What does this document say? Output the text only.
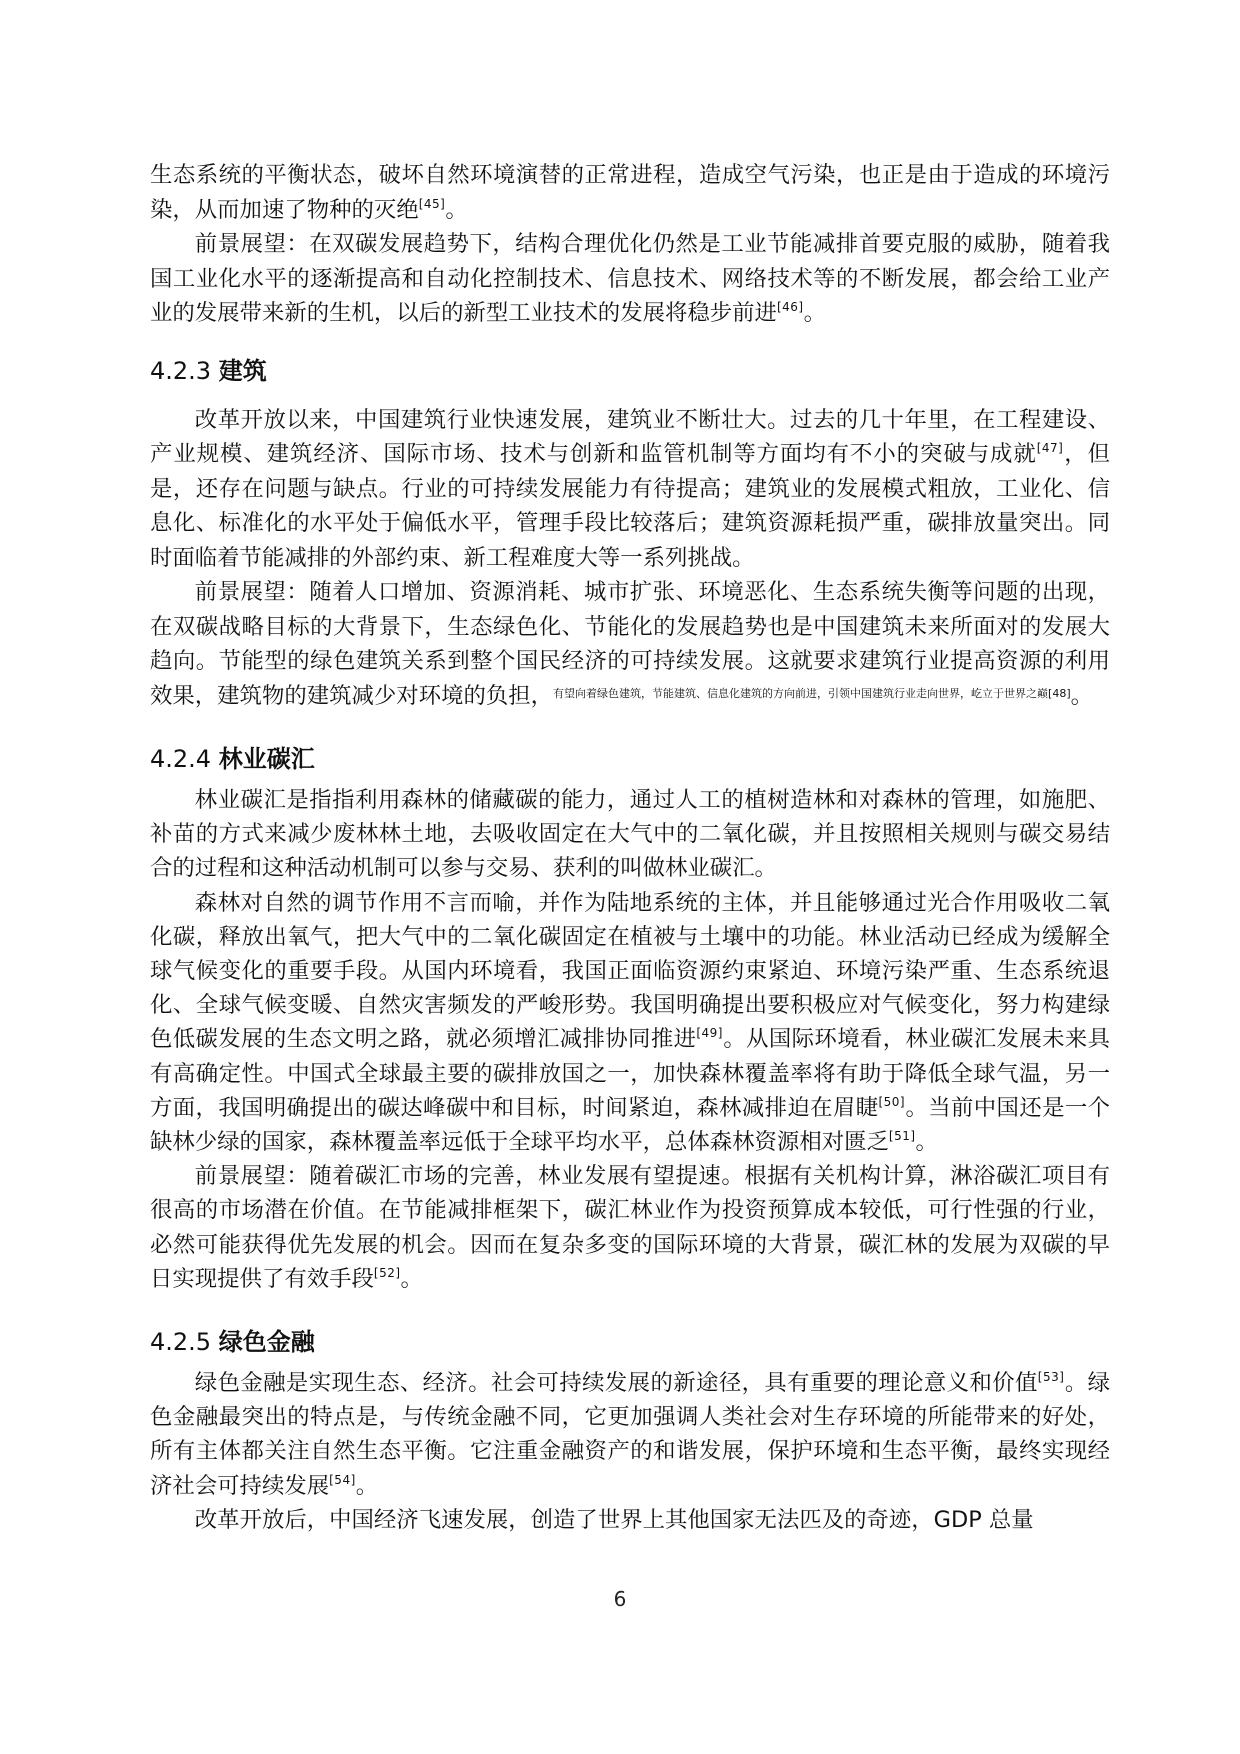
生态系统的平衡状态，破坏自然环境演替的正常进程，造成空气污染，也正是由于造成的环境污染，从而加速了物种的灭绝[45]。

前景展望：在双碳发展趋势下，结构合理优化仍然是工业节能减排首要克服的威胁，随着我国工业化水平的逐渐提高和自动化控制技术、信息技术、网络技术等的不断发展，都会给工业产业的发展带来新的生机，以后的新型工业技术的发展将稳步前进[46]。

4.2.3 建筑

改革开放以来，中国建筑行业快速发展，建筑业不断壮大。过去的几十年里，在工程建设、产业规模、建筑经济、国际市场、技术与创新和监管机制等方面均有不小的突破与成就[47]，但是，还存在问题与缺点。行业的可持续发展能力有待提高；建筑业的发展模式粗放，工业化、信息化、标准化的水平处于偏低水平，管理手段比较落后；建筑资源耗损严重，碳排放量突出。同时面临着节能减排的外部约束、新工程难度大等一系列挑战。

前景展望：随着人口增加、资源消耗、城市扩张、环境恶化、生态系统失衡等问题的出现，在双碳战略目标的大背景下，生态绿色化、节能化的发展趋势也是中国建筑未来所面对的发展大趋向。节能型的绿色建筑关系到整个国民经济的可持续发展。这就要求建筑行业提高资源的利用效果，建筑物的建筑减少对环境的负担，$^{有望向着绿色建筑,节能建筑、信息化建筑的方向前进,引领中国建筑行业走向世界,屹立于世界之巅[48]}$。

4.2.4 林业碳汇

林业碳汇是指指利用森林的储藏碳的能力，通过人工的植树造林和对森林的管理，如施肥、补苗的方式来减少废林林土地，去吸收固定在大气中的二氧化碳，并且按照相关规则与碳交易结合的过程和这种活动机制可以参与交易、获利的叫做林业碳汇。

森林对自然的调节作用不言而喻，并作为陆地系统的主体，并且能够通过光合作用吸收二氧化碳，释放出氧气，把大气中的二氧化碳固定在植被与土壤中的功能。林业活动已经成为缓解全球气候变化的重要手段。从国内环境看，我国正面临资源约束紧迫、环境污染严重、生态系统退化、全球气候变暖、自然灾害频发的严峻形势。我国明确提出要积极应对气候变化，努力构建绿色低碳发展的生态文明之路，就必须增汇减排协同推进[49]。从国际环境看，林业碳汇发展未来具有高确定性。中国式全球最主要的碳排放国之一，加快森林覆盖率将有助于降低全球气温，另一方面，我国明确提出的碳达峰碳中和目标，时间紧迫，森林减排迫在眉睫[50]。当前中国还是一个缺林少绿的国家，森林覆盖率远低于全球平均水平，总体森林资源相对匮乏[51]。

前景展望：随着碳汇市场的完善，林业发展有望提速。根据有关机构计算，淋浴碳汇项目有很高的市场潜在价值。在节能减排框架下，碳汇林业作为投资预算成本较低，可行性强的行业，必然可能获得优先发展的机会。因而在复杂多变的国际环境的大背景，碳汇林的发展为双碳的早日实现提供了有效手段[52]。

4.2.5 绿色金融

绿色金融是实现生态、经济。社会可持续发展的新途径，具有重要的理论意义和价值[53]。绿色金融最突出的特点是，与传统金融不同，它更加强调人类社会对生存环境的所能带来的好处，所有主体都关注自然生态平衡。它注重金融资产的和谐发展，保护环境和生态平衡，最终实现经济社会可持续发展[54]。

改革开放后，中国经济飞速发展，创造了世界上其他国家无法匹及的奇迹，GDP 总量

6
